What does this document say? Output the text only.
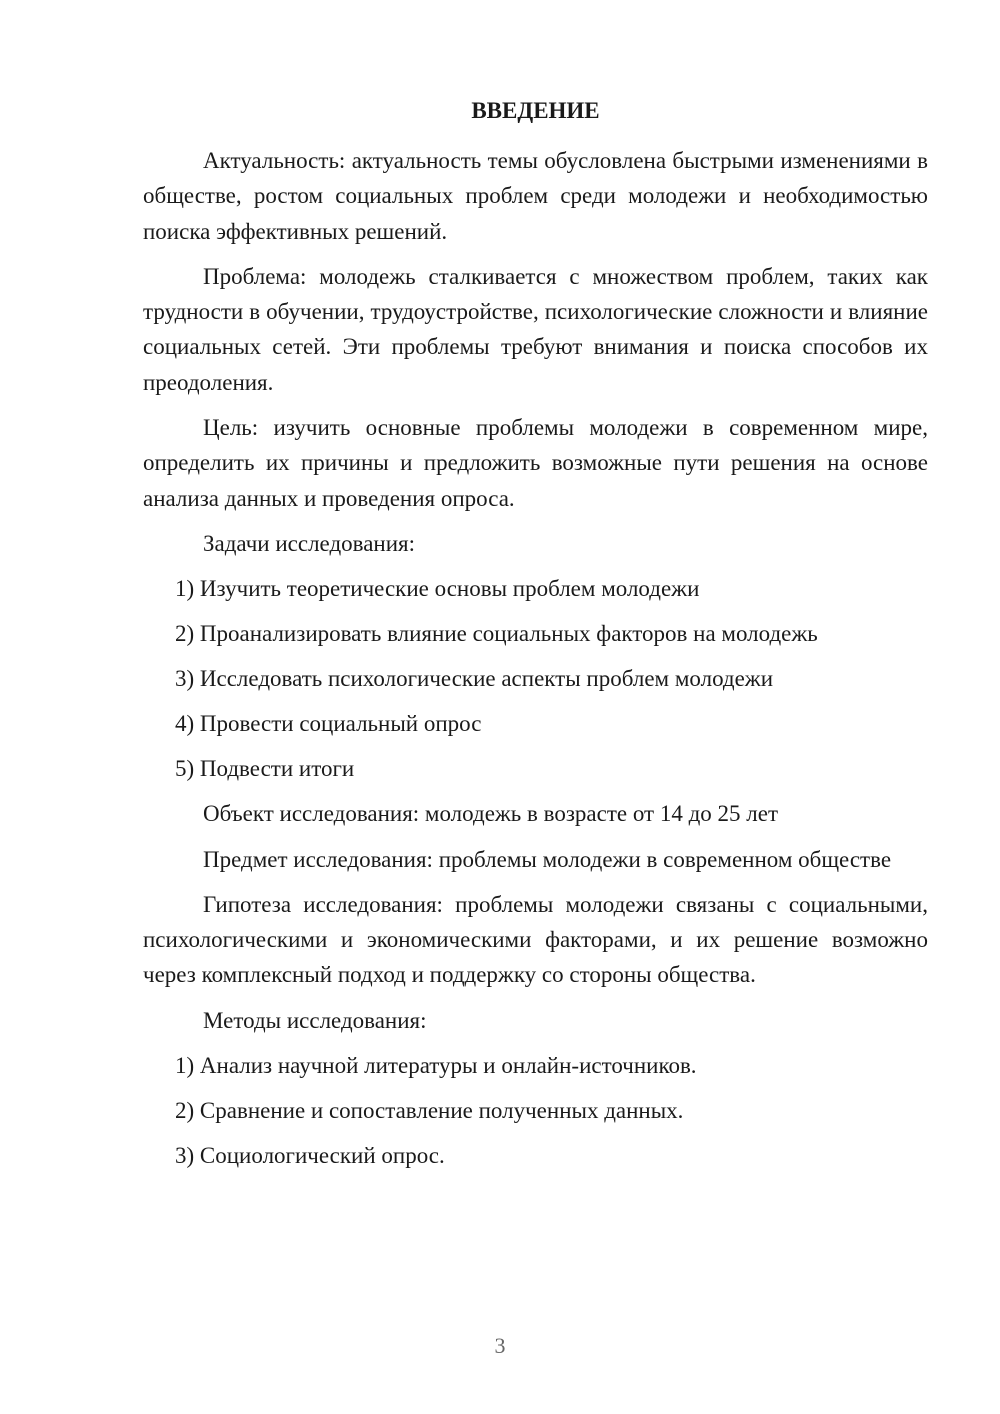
ВВЕДЕНИЕ

Актуальность: актуальность темы обусловлена быстрыми изменениями в обществе, ростом социальных проблем среди молодежи и необходимостью поиска эффективных решений.

Проблема: молодежь сталкивается с множеством проблем, таких как трудности в обучении, трудоустройстве, психологические сложности и влияние социальных сетей. Эти проблемы требуют внимания и поиска способов их преодоления.

Цель: изучить основные проблемы молодежи в современном мире, определить их причины и предложить возможные пути решения на основе анализа данных и проведения опроса.

Задачи исследования:

1) Изучить теоретические основы проблем молодежи

2) Проанализировать влияние социальных факторов на молодежь

3) Исследовать психологические аспекты проблем молодежи

4) Провести социальный опрос

5) Подвести итоги

Объект исследования: молодежь в возрасте от 14 до 25 лет

Предмет исследования: проблемы молодежи в современном обществе

Гипотеза исследования: проблемы молодежи связаны с социальными, психологическими и экономическими факторами, и их решение возможно через комплексный подход и поддержку со стороны общества.

Методы исследования:

1) Анализ научной литературы и онлайн-источников.

2) Сравнение и сопоставление полученных данных.

3) Социологический опрос.

3
